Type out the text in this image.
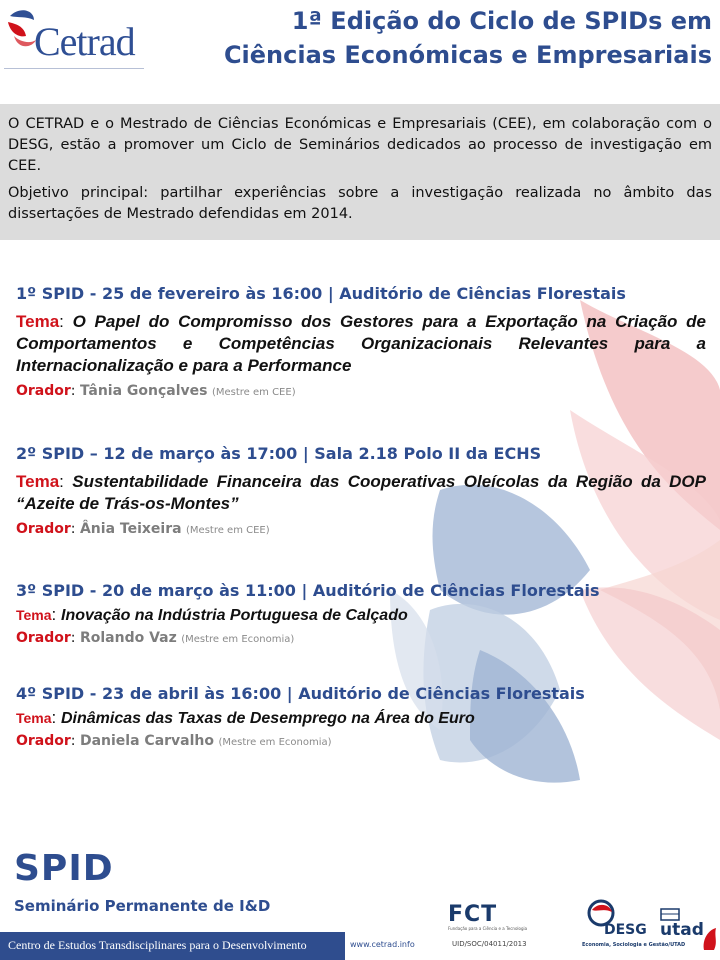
Cetrad	1ª Edição do Ciclo de SPIDs em
Ciências Económicas e Empresariais

O CETRAD e o Mestrado de Ciências Económicas e Empresariais (CEE), em colaboração com o DESG, estão a promover um Ciclo de Seminários dedicados ao processo de investigação em CEE.

Objetivo principal: partilhar experiências sobre a investigação realizada no âmbito das dissertações de Mestrado defendidas em 2014.

1º SPID - 25 de fevereiro às 16:00 | Auditório de Ciências Florestais
Tema: O Papel do Compromisso dos Gestores para a Exportação na Criação de Comportamentos e Competências Organizacionais Relevantes para a Internacionalização e para a Performance
Orador: Tânia Gonçalves (Mestre em CEE)
2º SPID – 12 de março às 17:00 | Sala 2.18 Polo II da ECHS
Tema: Sustentabilidade Financeira das Cooperativas Oleícolas da Região da DOP “Azeite de Trás-os-Montes”
Orador: Ânia Teixeira (Mestre em CEE)
3º SPID - 20 de março às 11:00 | Auditório de Ciências Florestais
Tema: Inovação na Indústria Portuguesa de Calçado
Orador: Rolando Vaz (Mestre em Economia)
4º SPID - 23 de abril às 16:00 | Auditório de Ciências Florestais
Tema: Dinâmicas das Taxas de Desemprego na Área do Euro
Orador: Daniela Carvalho (Mestre em Economia)
SPID
Seminário Permanente de I&D
Centro de Estudos Transdisciplinares para o Desenvolvimento	www.cetrad.info
FCT
Fundação para a Ciência e a Tecnologia
UID/SOC/04011/2013
DESG
Economia, Sociologia e Gestão/UTAD
utad
